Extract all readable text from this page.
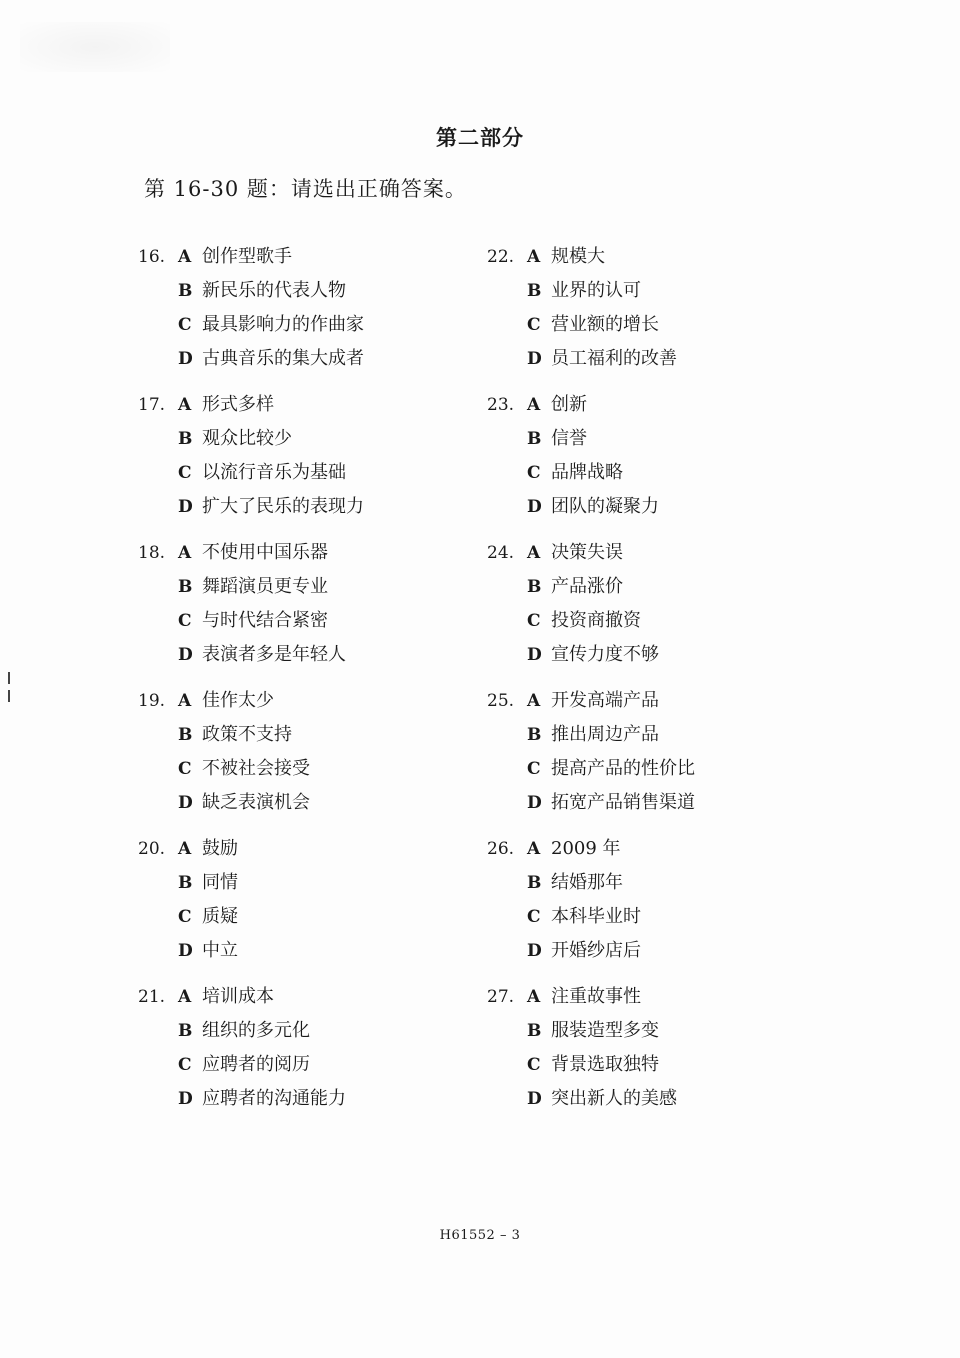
第二部分
第 16-30 题：请选出正确答案。
16. A 创作型歌手
B 新民乐的代表人物
C 最具影响力的作曲家
D 古典音乐的集大成者
17. A 形式多样
B 观众比较少
C 以流行音乐为基础
D 扩大了民乐的表现力
18. A 不使用中国乐器
B 舞蹈演员更专业
C 与时代结合紧密
D 表演者多是年轻人
19. A 佳作太少
B 政策不支持
C 不被社会接受
D 缺乏表演机会
20. A 鼓励
B 同情
C 质疑
D 中立
21. A 培训成本
B 组织的多元化
C 应聘者的阅历
D 应聘者的沟通能力
22. A 规模大
B 业界的认可
C 营业额的增长
D 员工福利的改善
23. A 创新
B 信誉
C 品牌战略
D 团队的凝聚力
24. A 决策失误
B 产品涨价
C 投资商撤资
D 宣传力度不够
25. A 开发高端产品
B 推出周边产品
C 提高产品的性价比
D 拓宽产品销售渠道
26. A 2009 年
B 结婚那年
C 本科毕业时
D 开婚纱店后
27. A 注重故事性
B 服装造型多变
C 背景选取独特
D 突出新人的美感
H61552 – 3
